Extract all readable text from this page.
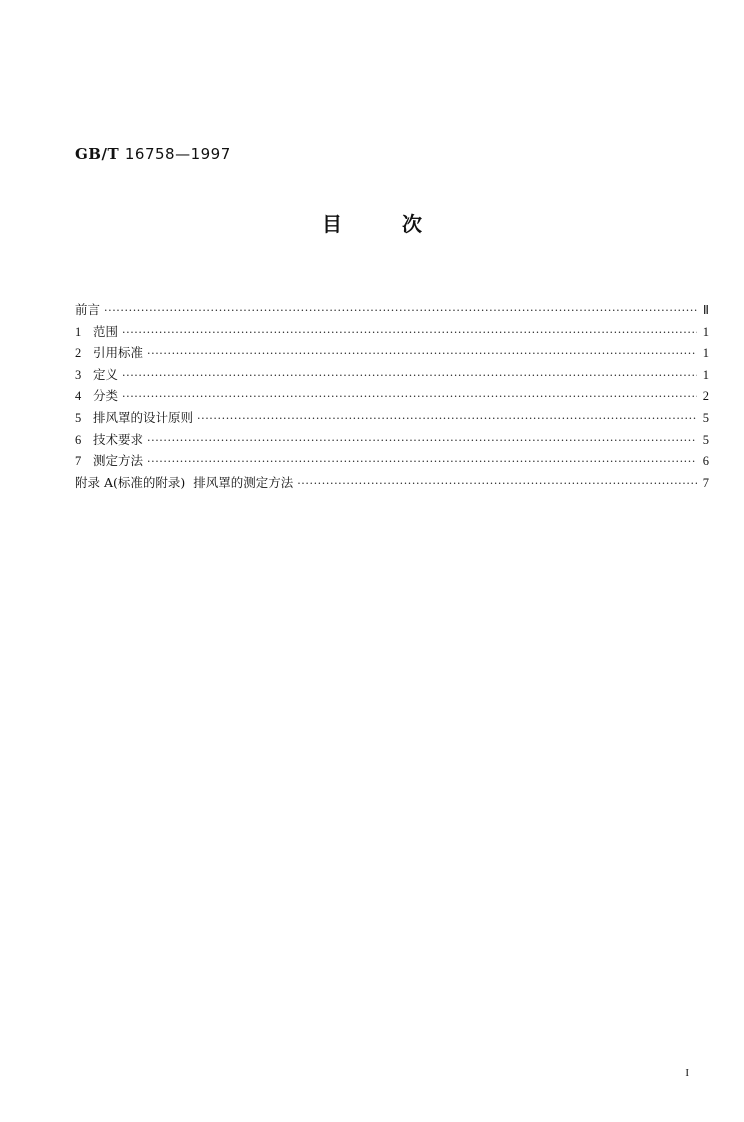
GB/T 16758—1997
目	次
前言 ·····	Ⅱ
1 范围 ·····	1
2 引用标准 ·····	1
3 定义 ·····	1
4 分类 ·····	2
5 排风罩的设计原则 ·····	5
6 技术要求 ·····	5
7 测定方法 ·····	6
附录 A(标准的附录)  排风罩的测定方法 ·····	7
I
